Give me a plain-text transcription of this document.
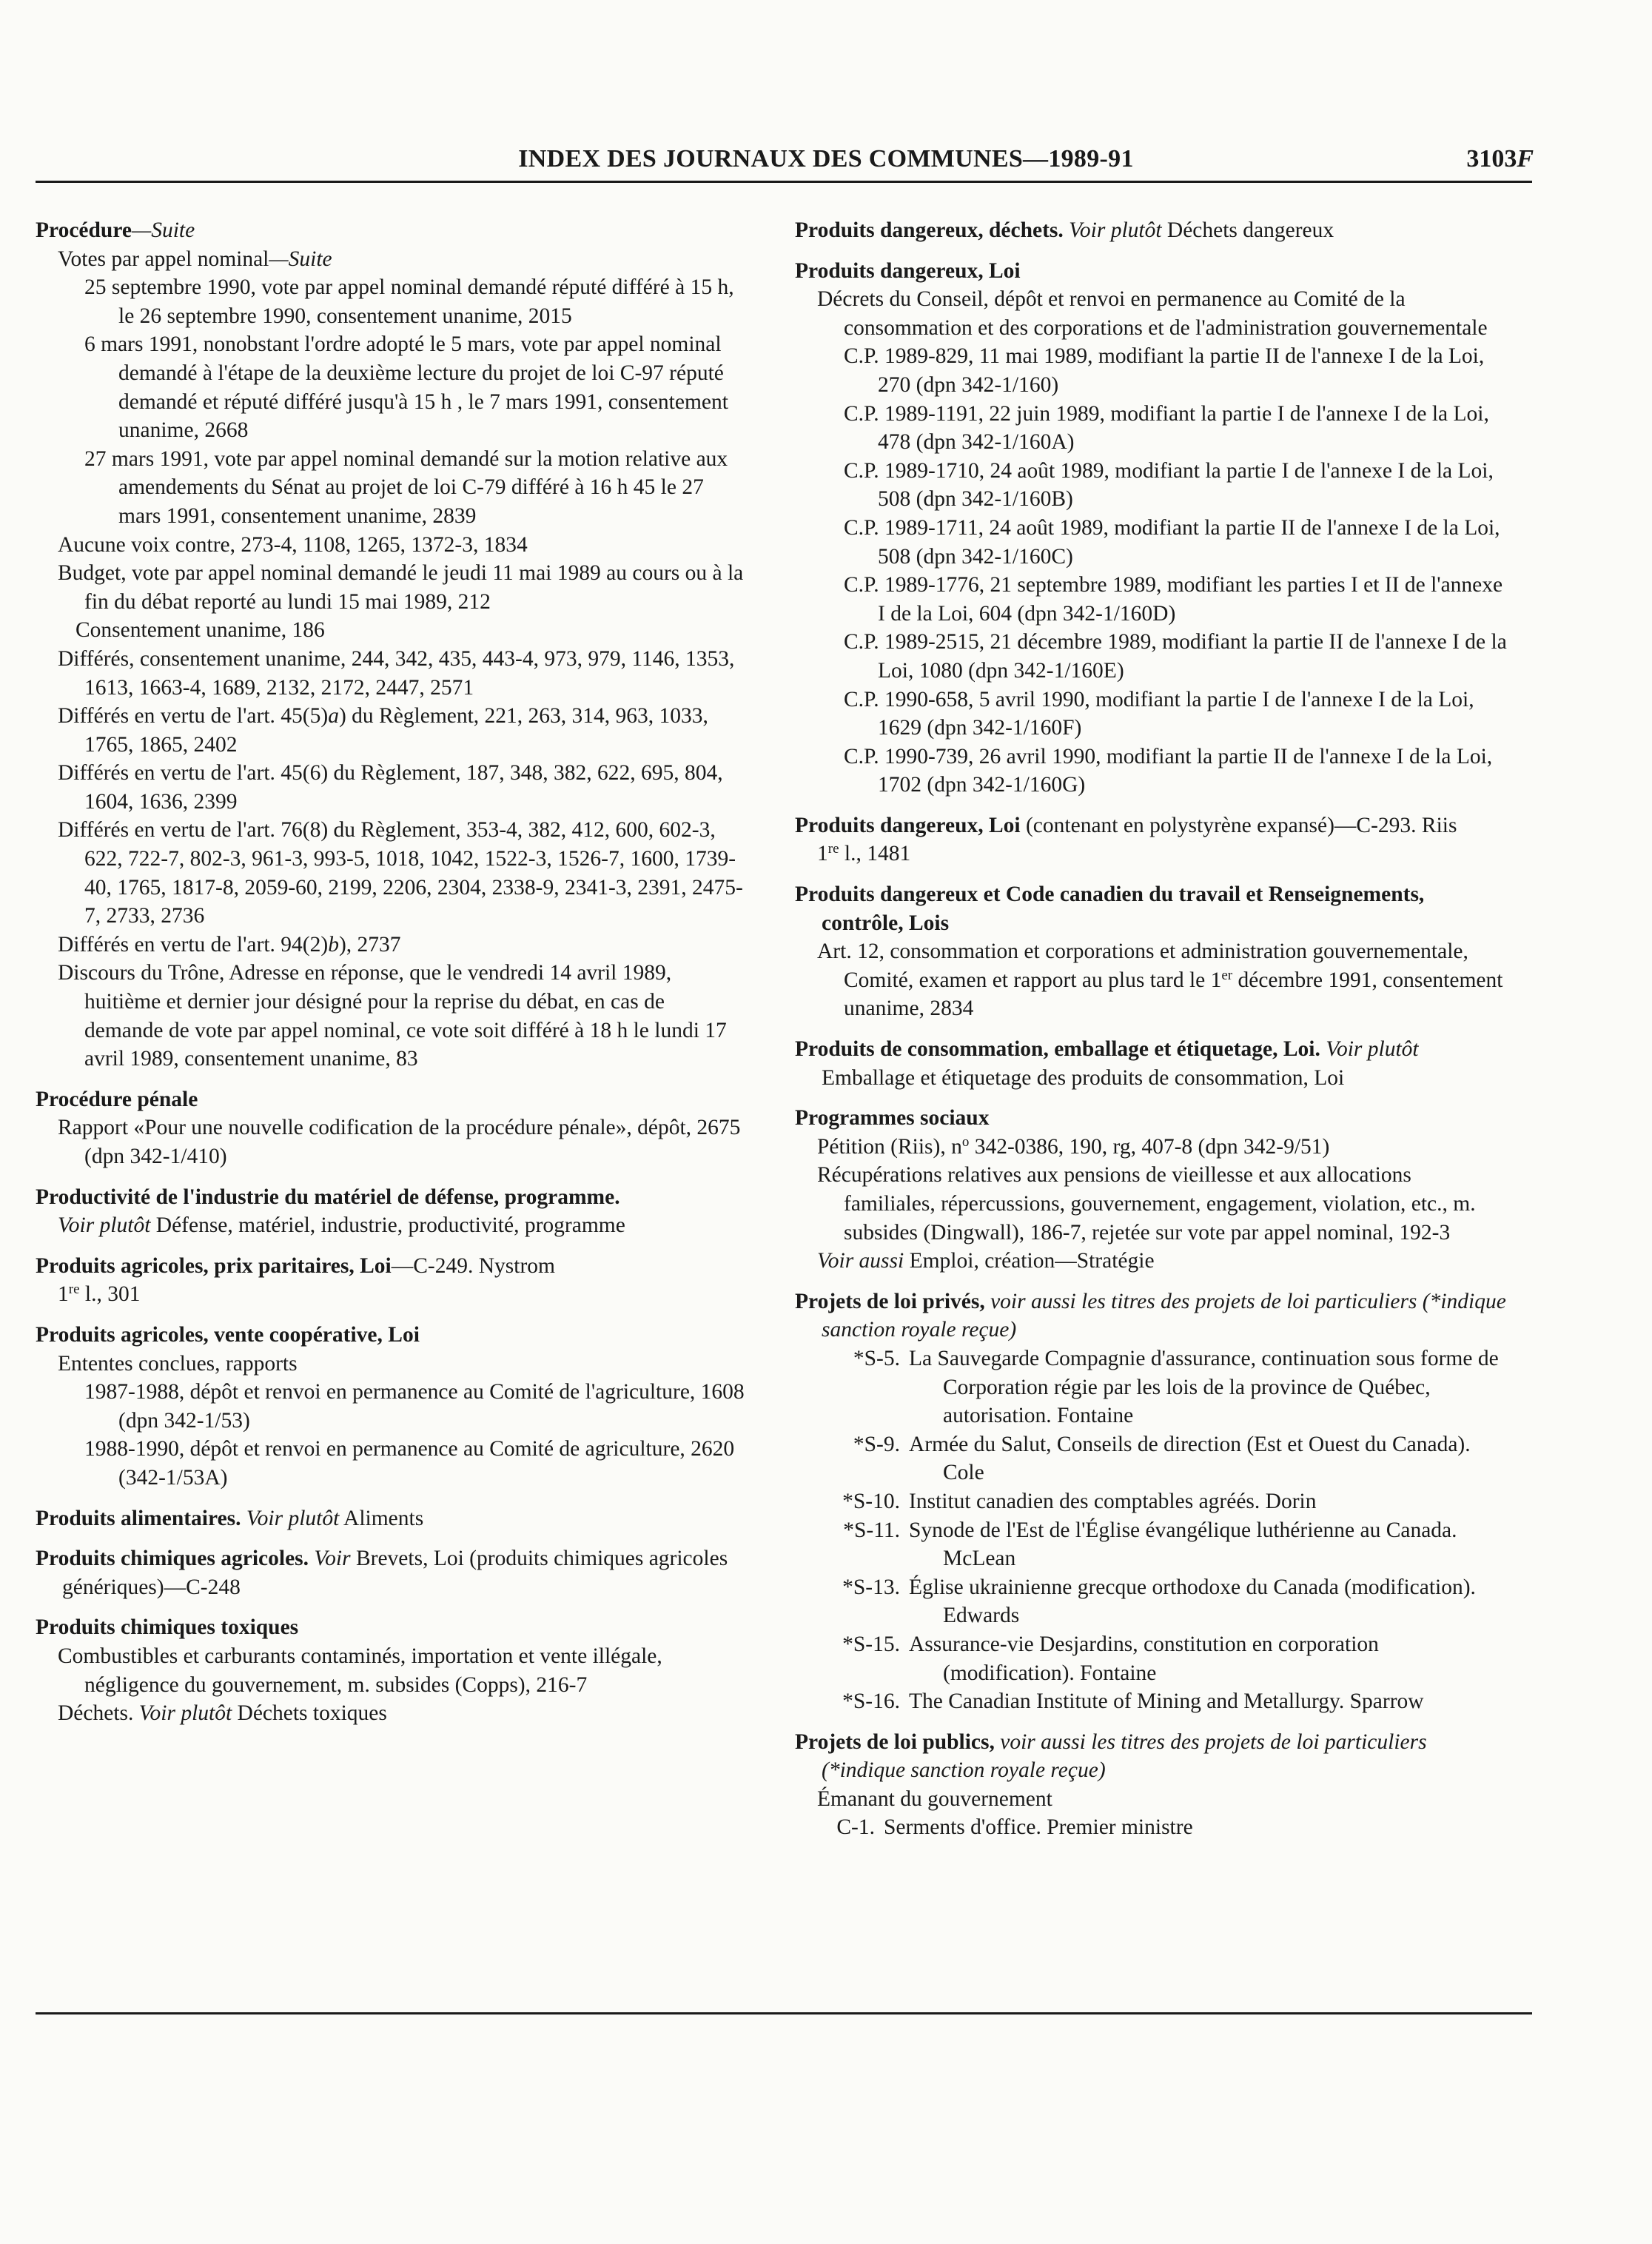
INDEX DES JOURNAUX DES COMMUNES—1989-91	3103F
Procédure—Suite
Votes par appel nominal—Suite
25 septembre 1990, vote par appel nominal demandé réputé différé à 15 h, le 26 septembre 1990, consentement unanime, 2015
6 mars 1991, nonobstant l'ordre adopté le 5 mars, vote par appel nominal demandé à l'étape de la deuxième lecture du projet de loi C-97 réputé demandé et réputé différé jusqu'à 15 h , le 7 mars 1991, consentement unanime, 2668
27 mars 1991, vote par appel nominal demandé sur la motion relative aux amendements du Sénat au projet de loi C-79 différé à 16 h 45 le 27 mars 1991, consentement unanime, 2839
Aucune voix contre, 273-4, 1108, 1265, 1372-3, 1834
Budget, vote par appel nominal demandé le jeudi 11 mai 1989 au cours ou à la fin du débat reporté au lundi 15 mai 1989, 212
Consentement unanime, 186
Différés, consentement unanime, 244, 342, 435, 443-4, 973, 979, 1146, 1353, 1613, 1663-4, 1689, 2132, 2172, 2447, 2571
Différés en vertu de l'art. 45(5)a) du Règlement, 221, 263, 314, 963, 1033, 1765, 1865, 2402
Différés en vertu de l'art. 45(6) du Règlement, 187, 348, 382, 622, 695, 804, 1604, 1636, 2399
Différés en vertu de l'art. 76(8) du Règlement, 353-4, 382, 412, 600, 602-3, 622, 722-7, 802-3, 961-3, 993-5, 1018, 1042, 1522-3, 1526-7, 1600, 1739-40, 1765, 1817-8, 2059-60, 2199, 2206, 2304, 2338-9, 2341-3, 2391, 2475-7, 2733, 2736
Différés en vertu de l'art. 94(2)b), 2737
Discours du Trône, Adresse en réponse, que le vendredi 14 avril 1989, huitième et dernier jour désigné pour la reprise du débat, en cas de demande de vote par appel nominal, ce vote soit différé à 18 h le lundi 17 avril 1989, consentement unanime, 83
Procédure pénale
Rapport «Pour une nouvelle codification de la procédure pénale», dépôt, 2675 (dpn 342-1/410)
Productivité de l'industrie du matériel de défense, programme.
Voir plutôt Défense, matériel, industrie, productivité, programme
Produits agricoles, prix paritaires, Loi—C-249. Nystrom
1re l., 301
Produits agricoles, vente coopérative, Loi
Ententes conclues, rapports
1987-1988, dépôt et renvoi en permanence au Comité de l'agriculture, 1608 (dpn 342-1/53)
1988-1990, dépôt et renvoi en permanence au Comité de agriculture, 2620 (342-1/53A)
Produits alimentaires. Voir plutôt Aliments
Produits chimiques agricoles. Voir Brevets, Loi (produits chimiques agricoles génériques)—C-248
Produits chimiques toxiques
Combustibles et carburants contaminés, importation et vente illégale, négligence du gouvernement, m. subsides (Copps), 216-7
Déchets. Voir plutôt Déchets toxiques
Produits dangereux, déchets. Voir plutôt Déchets dangereux
Produits dangereux, Loi
Décrets du Conseil, dépôt et renvoi en permanence au Comité de la consommation et des corporations et de l'administration gouvernementale
C.P. 1989-829, 11 mai 1989, modifiant la partie II de l'annexe I de la Loi, 270 (dpn 342-1/160)
C.P. 1989-1191, 22 juin 1989, modifiant la partie I de l'annexe I de la Loi, 478 (dpn 342-1/160A)
C.P. 1989-1710, 24 août 1989, modifiant la partie I de l'annexe I de la Loi, 508 (dpn 342-1/160B)
C.P. 1989-1711, 24 août 1989, modifiant la partie II de l'annexe I de la Loi, 508 (dpn 342-1/160C)
C.P. 1989-1776, 21 septembre 1989, modifiant les parties I et II de l'annexe I de la Loi, 604 (dpn 342-1/160D)
C.P. 1989-2515, 21 décembre 1989, modifiant la partie II de l'annexe I de la Loi, 1080 (dpn 342-1/160E)
C.P. 1990-658, 5 avril 1990, modifiant la partie I de l'annexe I de la Loi, 1629 (dpn 342-1/160F)
C.P. 1990-739, 26 avril 1990, modifiant la partie II de l'annexe I de la Loi, 1702 (dpn 342-1/160G)
Produits dangereux, Loi (contenant en polystyrène expansé)—C-293. Riis
1re l., 1481
Produits dangereux et Code canadien du travail et Renseignements, contrôle, Lois
Art. 12, consommation et corporations et administration gouvernementale, Comité, examen et rapport au plus tard le 1er décembre 1991, consentement unanime, 2834
Produits de consommation, emballage et étiquetage, Loi. Voir plutôt Emballage et étiquetage des produits de consommation, Loi
Programmes sociaux
Pétition (Riis), $n^o$ 342-0386, 190, rg, 407-8 (dpn 342-9/51)
Récupérations relatives aux pensions de vieillesse et aux allocations familiales, répercussions, gouvernement, engagement, violation, etc., m. subsides (Dingwall), 186-7, rejetée sur vote par appel nominal, 192-3
Voir aussi Emploi, création—Stratégie
Projets de loi privés, voir aussi les titres des projets de loi particuliers (*indique sanction royale reçue)
*S-5. La Sauvegarde Compagnie d'assurance, continuation sous forme de Corporation régie par les lois de la province de Québec, autorisation. Fontaine
*S-9. Armée du Salut, Conseils de direction (Est et Ouest du Canada). Cole
*S-10. Institut canadien des comptables agréés. Dorin
*S-11. Synode de l'Est de l'Église évangélique luthérienne au Canada. McLean
*S-13. Église ukrainienne grecque orthodoxe du Canada (modification). Edwards
*S-15. Assurance-vie Desjardins, constitution en corporation (modification). Fontaine
*S-16. The Canadian Institute of Mining and Metallurgy. Sparrow
Projets de loi publics, voir aussi les titres des projets de loi particuliers (*indique sanction royale reçue)
Émanant du gouvernement
C-1. Serments d'office. Premier ministre
